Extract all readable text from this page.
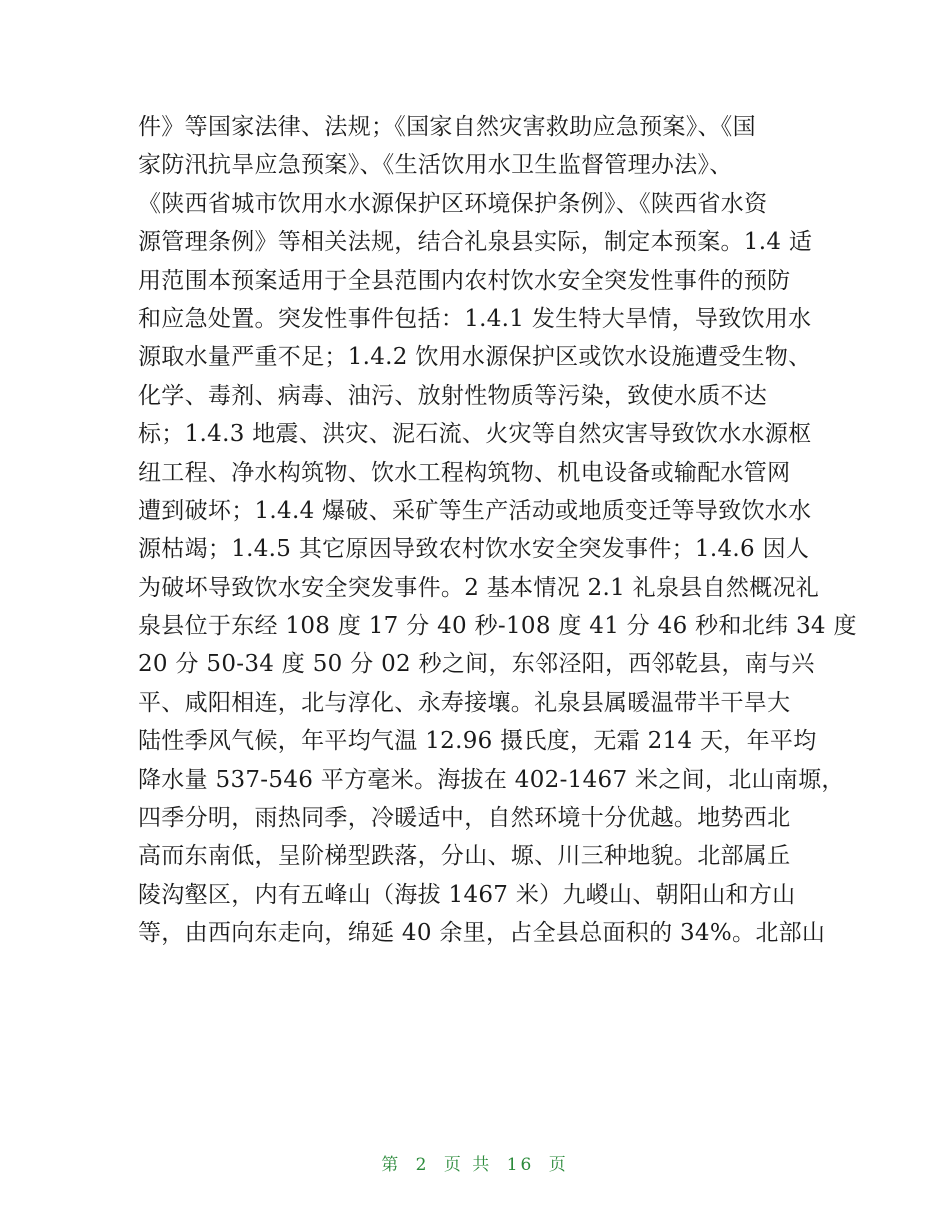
件》等国家法律、法规；《国家自然灾害救助应急预案》、《国
家防汛抗旱应急预案》、《生活饮用水卫生监督管理办法》、
《陕西省城市饮用水水源保护区环境保护条例》、《陕西省水资
源管理条例》等相关法规，结合礼泉县实际，制定本预案。1.4 适
用范围本预案适用于全县范围内农村饮水安全突发性事件的预防
和应急处置。突发性事件包括：1.4.1 发生特大旱情，导致饮用水
源取水量严重不足；1.4.2 饮用水源保护区或饮水设施遭受生物、
化学、毒剂、病毒、油污、放射性物质等污染，致使水质不达
标；1.4.3 地震、洪灾、泥石流、火灾等自然灾害导致饮水水源枢
纽工程、净水构筑物、饮水工程构筑物、机电设备或输配水管网
遭到破坏；1.4.4 爆破、采矿等生产活动或地质变迁等导致饮水水
源枯竭；1.4.5 其它原因导致农村饮水安全突发事件；1.4.6 因人
为破坏导致饮水安全突发事件。2 基本情况 2.1 礼泉县自然概况礼
泉县位于东经 108 度 17 分 40 秒-108 度 41 分 46 秒和北纬 34 度
20 分 50-34 度 50 分 02 秒之间，东邻泾阳，西邻乾县，南与兴
平、咸阳相连，北与淳化、永寿接壤。礼泉县属暖温带半干旱大
陆性季风气候，年平均气温 12.96 摄氏度，无霜 214 天，年平均
降水量 537-546 平方毫米。海拔在 402-1467 米之间，北山南塬，
四季分明，雨热同季，冷暖适中，自然环境十分优越。地势西北
高而东南低，呈阶梯型跌落，分山、塬、川三种地貌。北部属丘
陵沟壑区，内有五峰山（海拔 1467 米）九嵕山、朝阳山和方山
等，由西向东走向，绵延 40 余里，占全县总面积的 34%。北部山
第 2 页 共 16 页
